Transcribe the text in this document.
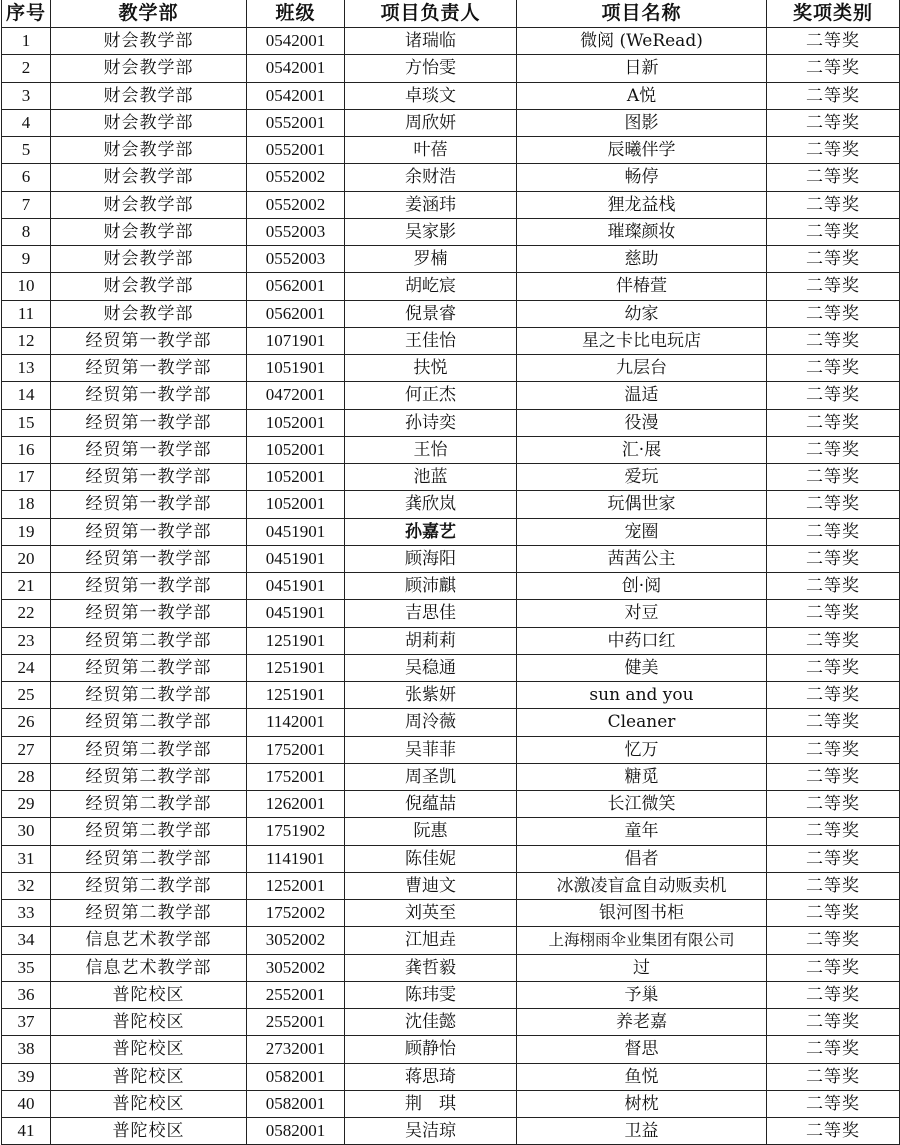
序号	教学部	班级	项目负责人	项目名称	奖项类别
1	财会教学部	0542001	诸瑞临	微阅 (WeRead)	二等奖
2	财会教学部	0542001	方怡雯	日新	二等奖
3	财会教学部	0542001	卓琰文	A悦	二等奖
4	财会教学部	0552001	周欣妍	图影	二等奖
5	财会教学部	0552001	叶蓓	辰曦伴学	二等奖
6	财会教学部	0552002	余财浩	畅停	二等奖
7	财会教学部	0552002	姜涵玮	狸龙益栈	二等奖
8	财会教学部	0552003	吴家影	璀璨颜妆	二等奖
9	财会教学部	0552003	罗楠	慈助	二等奖
10	财会教学部	0562001	胡屹宸	伴椿萱	二等奖
11	财会教学部	0562001	倪景睿	幼家	二等奖
12	经贸第一教学部	1071901	王佳怡	星之卡比电玩店	二等奖
13	经贸第一教学部	1051901	扶悦	九层台	二等奖
14	经贸第一教学部	0472001	何正杰	温适	二等奖
15	经贸第一教学部	1052001	孙诗奕	役漫	二等奖
16	经贸第一教学部	1052001	王怡	汇·展	二等奖
17	经贸第一教学部	1052001	池蓝	爱玩	二等奖
18	经贸第一教学部	1052001	龚欣岚	玩偶世家	二等奖
19	经贸第一教学部	0451901	孙嘉艺	宠圈	二等奖
20	经贸第一教学部	0451901	顾海阳	茜茜公主	二等奖
21	经贸第一教学部	0451901	顾沛麒	创·阅	二等奖
22	经贸第一教学部	0451901	吉思佳	对豆	二等奖
23	经贸第二教学部	1251901	胡莉莉	中药口红	二等奖
24	经贸第二教学部	1251901	吴稳通	健美	二等奖
25	经贸第二教学部	1251901	张紫妍	sun and you	二等奖
26	经贸第二教学部	1142001	周泠薇	Cleaner	二等奖
27	经贸第二教学部	1752001	吴菲菲	忆万	二等奖
28	经贸第二教学部	1752001	周圣凯	糖觅	二等奖
29	经贸第二教学部	1262001	倪蕴喆	长江微笑	二等奖
30	经贸第二教学部	1751902	阮惠	童年	二等奖
31	经贸第二教学部	1141901	陈佳妮	倡者	二等奖
32	经贸第二教学部	1252001	曹迪文	冰激凌盲盒自动贩卖机	二等奖
33	经贸第二教学部	1752002	刘英至	银河图书柜	二等奖
34	信息艺术教学部	3052002	江旭垚	上海栩雨伞业集团有限公司	二等奖
35	信息艺术教学部	3052002	龚哲毅	过	二等奖
36	普陀校区	2552001	陈玮雯	予巢	二等奖
37	普陀校区	2552001	沈佳懿	养老嘉	二等奖
38	普陀校区	2732001	顾静怡	督思	二等奖
39	普陀校区	0582001	蒋思琦	鱼悦	二等奖
40	普陀校区	0582001	荆　琪	树枕	二等奖
41	普陀校区	0582001	吴洁琼	卫益	二等奖
